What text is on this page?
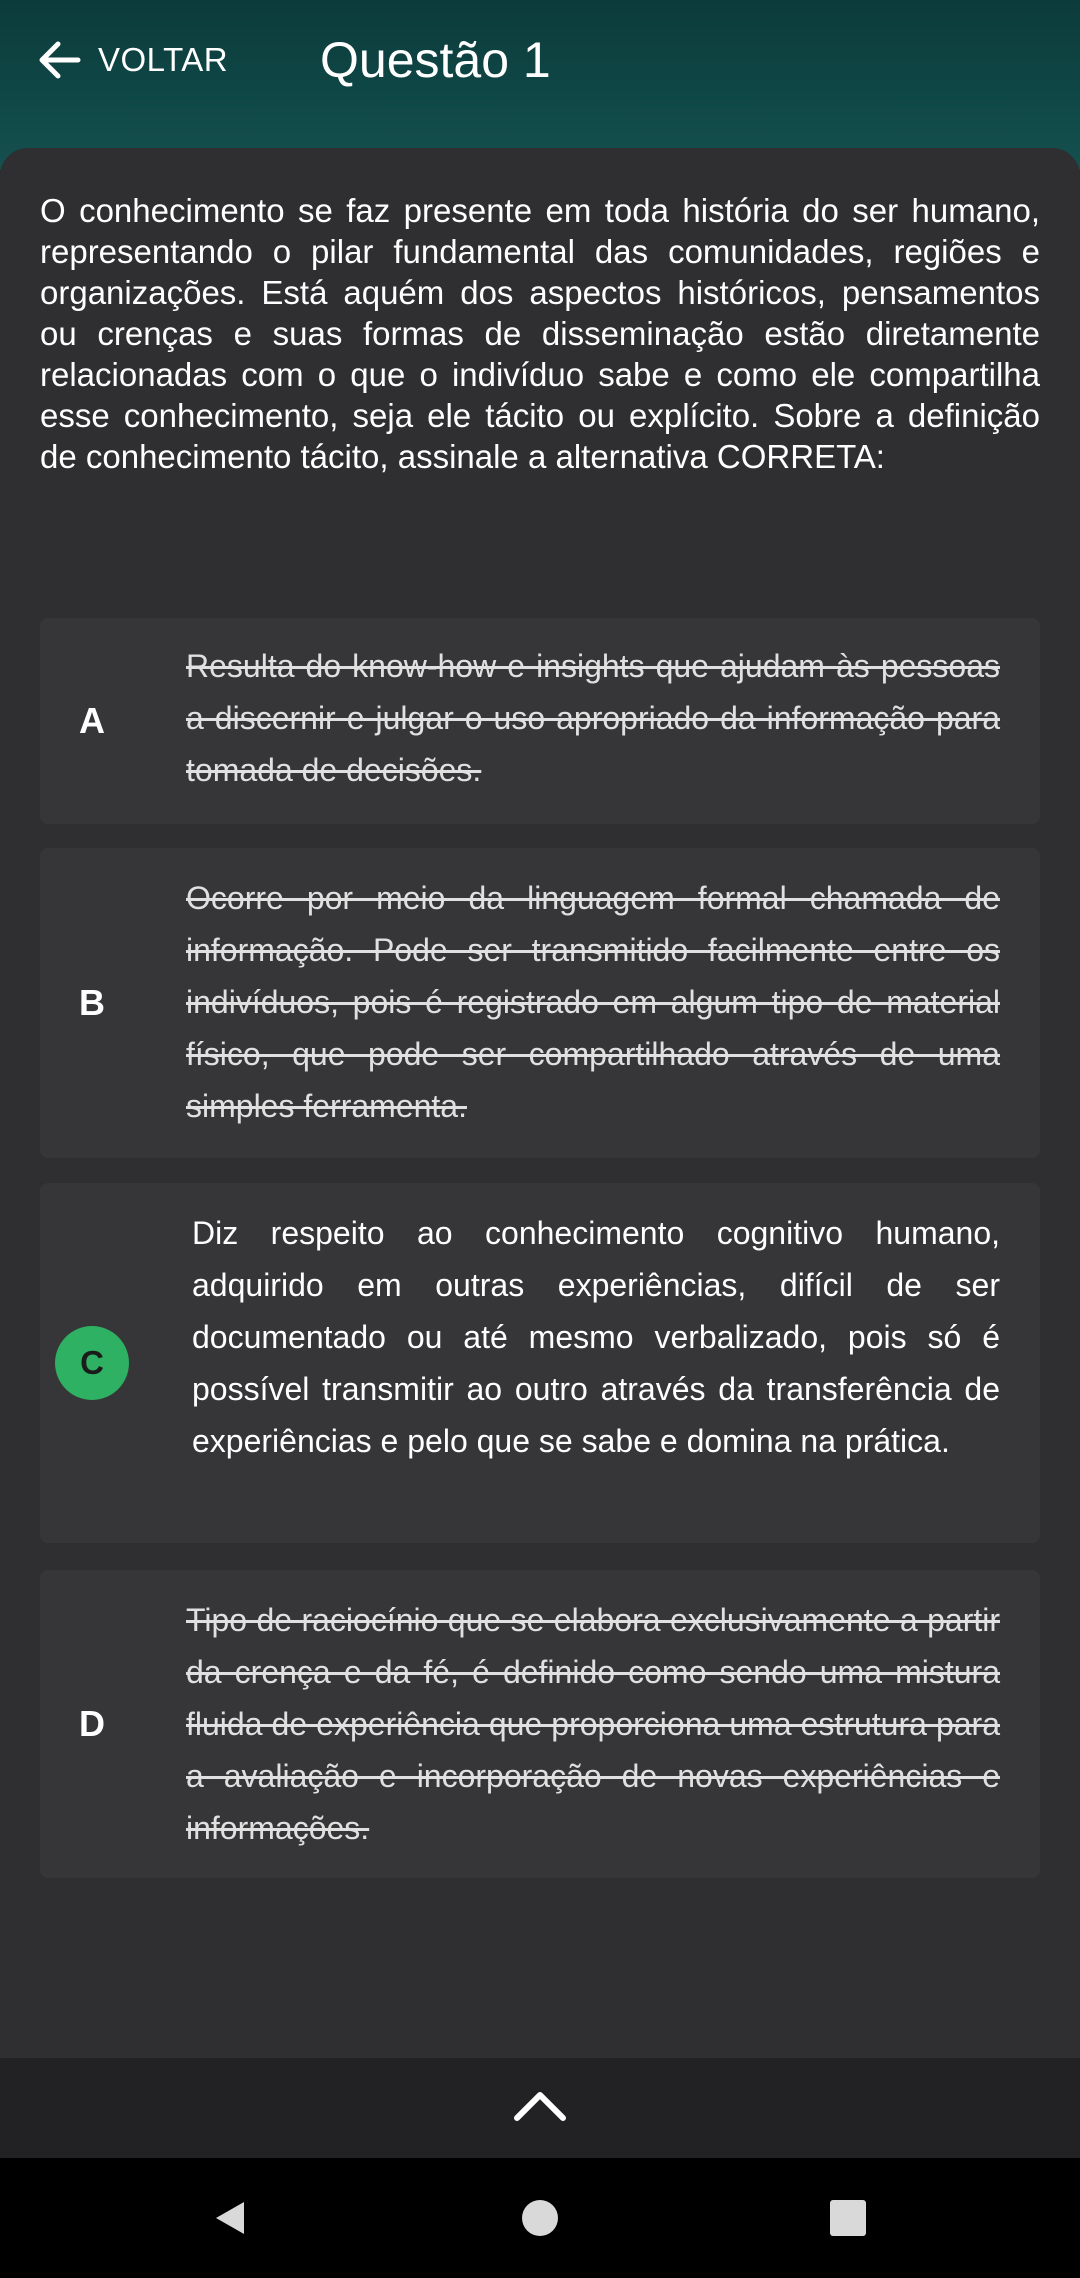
VOLTAR Questão 1
O conhecimento se faz presente em toda história do ser humano, representando o pilar fundamental das comunidades, regiões e organizações. Está aquém dos aspectos históricos, pensamentos ou crenças e suas formas de disseminação estão diretamente relacionadas com o que o indivíduo sabe e como ele compartilha esse conhecimento, seja ele tácito ou explícito. Sobre a definição de conhecimento tácito, assinale a alternativa CORRETA:
A
Resulta do know-how e insights que ajudam às pessoas a discernir e julgar o uso apropriado da informação para tomada de decisões.
B
Ocorre por meio da linguagem formal chamada de informação. Pode ser transmitido facilmente entre os indivíduos, pois é registrado em algum tipo de material físico, que pode ser compartilhado através de uma simples ferramenta.
C
Diz respeito ao conhecimento cognitivo humano, adquirido em outras experiências, difícil de ser documentado ou até mesmo verbalizado, pois só é possível transmitir ao outro através da transferência de experiências e pelo que se sabe e domina na prática.
D
Tipo de raciocínio que se elabora exclusivamente a partir da crença e da fé, é definido como sendo uma mistura fluida de experiência que proporciona uma estrutura para a avaliação e incorporação de novas experiências e informações.
